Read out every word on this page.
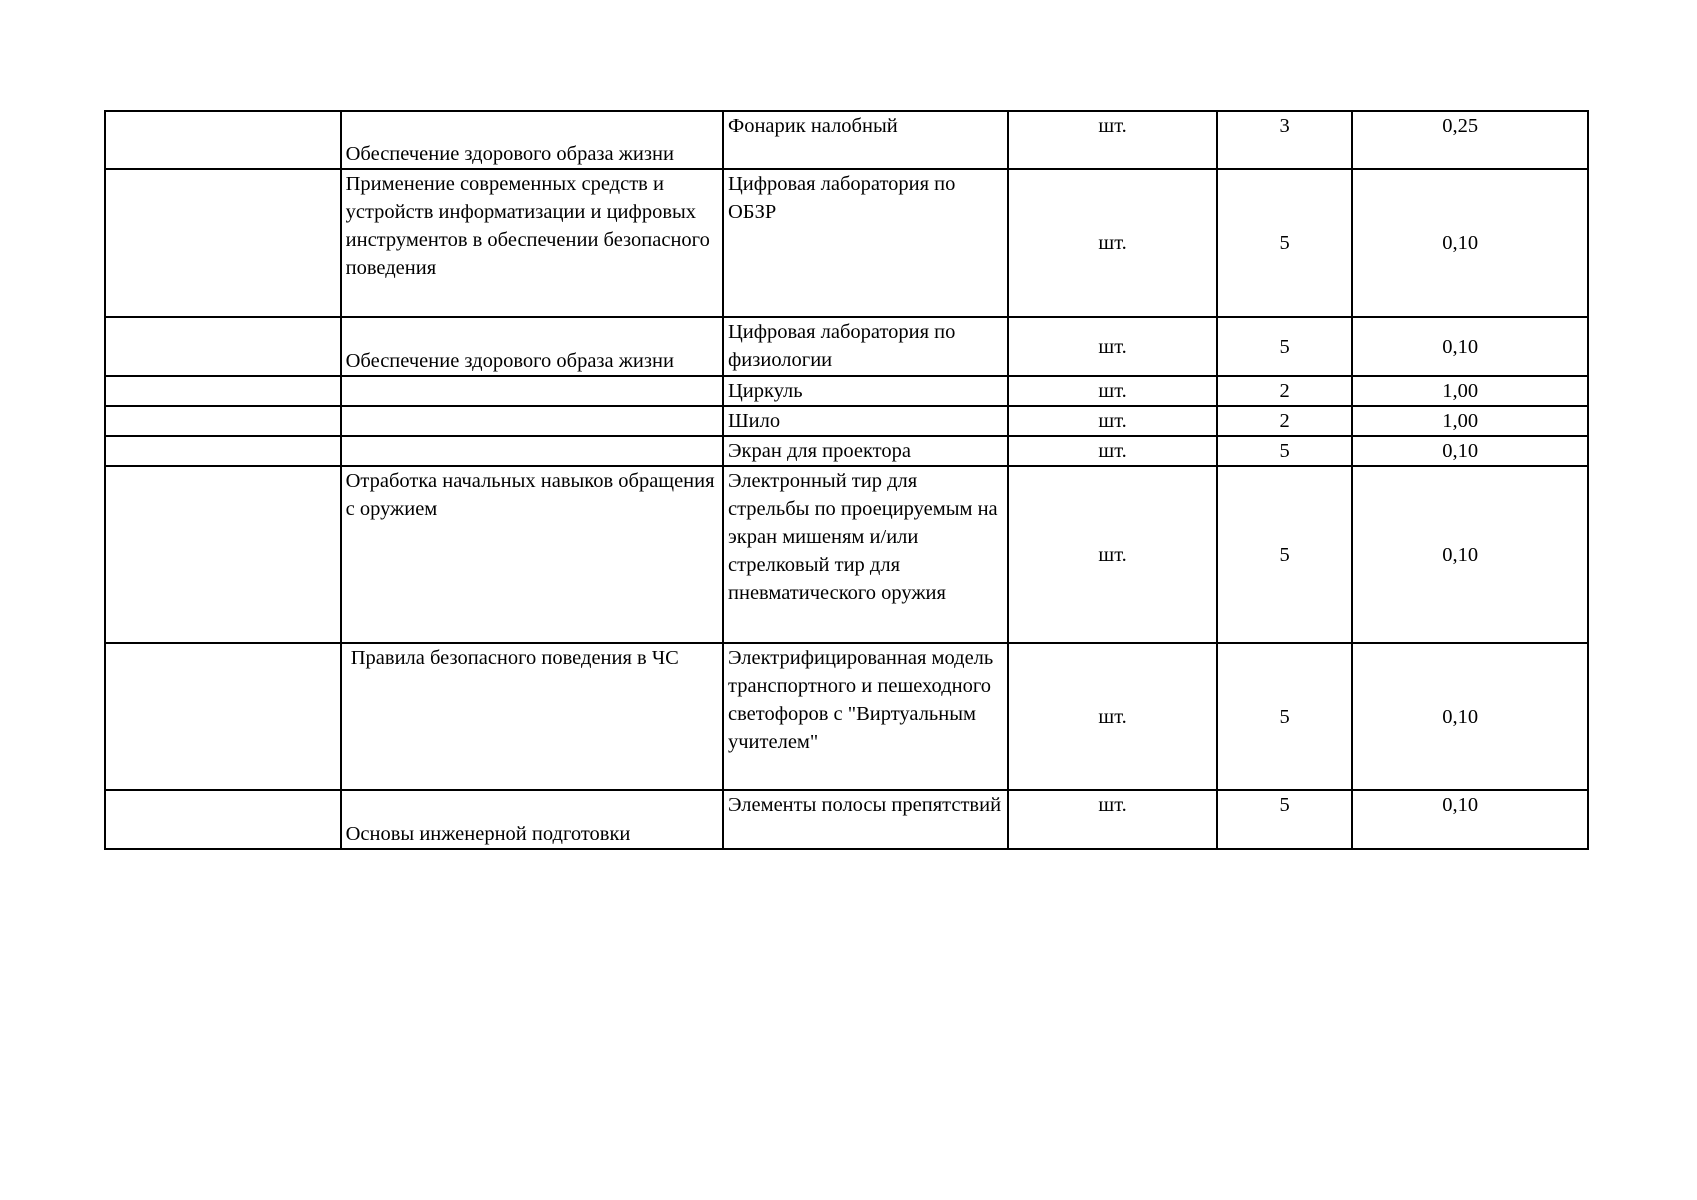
	Обеспечение здорового образа жизни	Фонарик налобный	шт.	3	0,25
	Применение современных средств и устройств информатизации и цифровых инструментов в обеспечении безопасного поведения	Цифровая лаборатория по ОБЗР	шт.	5	0,10
	Обеспечение здорового образа жизни	Цифровая лаборатория по физиологии	шт.	5	0,10
		Циркуль	шт.	2	1,00
		Шило	шт.	2	1,00
		Экран для проектора	шт.	5	0,10
	Отработка начальных навыков обращения с оружием	Электронный тир для стрельбы по проецируемым на экран мишеням и/или стрелковый тир для пневматического оружия	шт.	5	0,10
	Правила безопасного поведения в ЧС	Электрифицированная модель транспортного и пешеходного светофоров с "Виртуальным учителем"	шт.	5	0,10
	Основы инженерной подготовки	Элементы полосы препятствий	шт.	5	0,10
